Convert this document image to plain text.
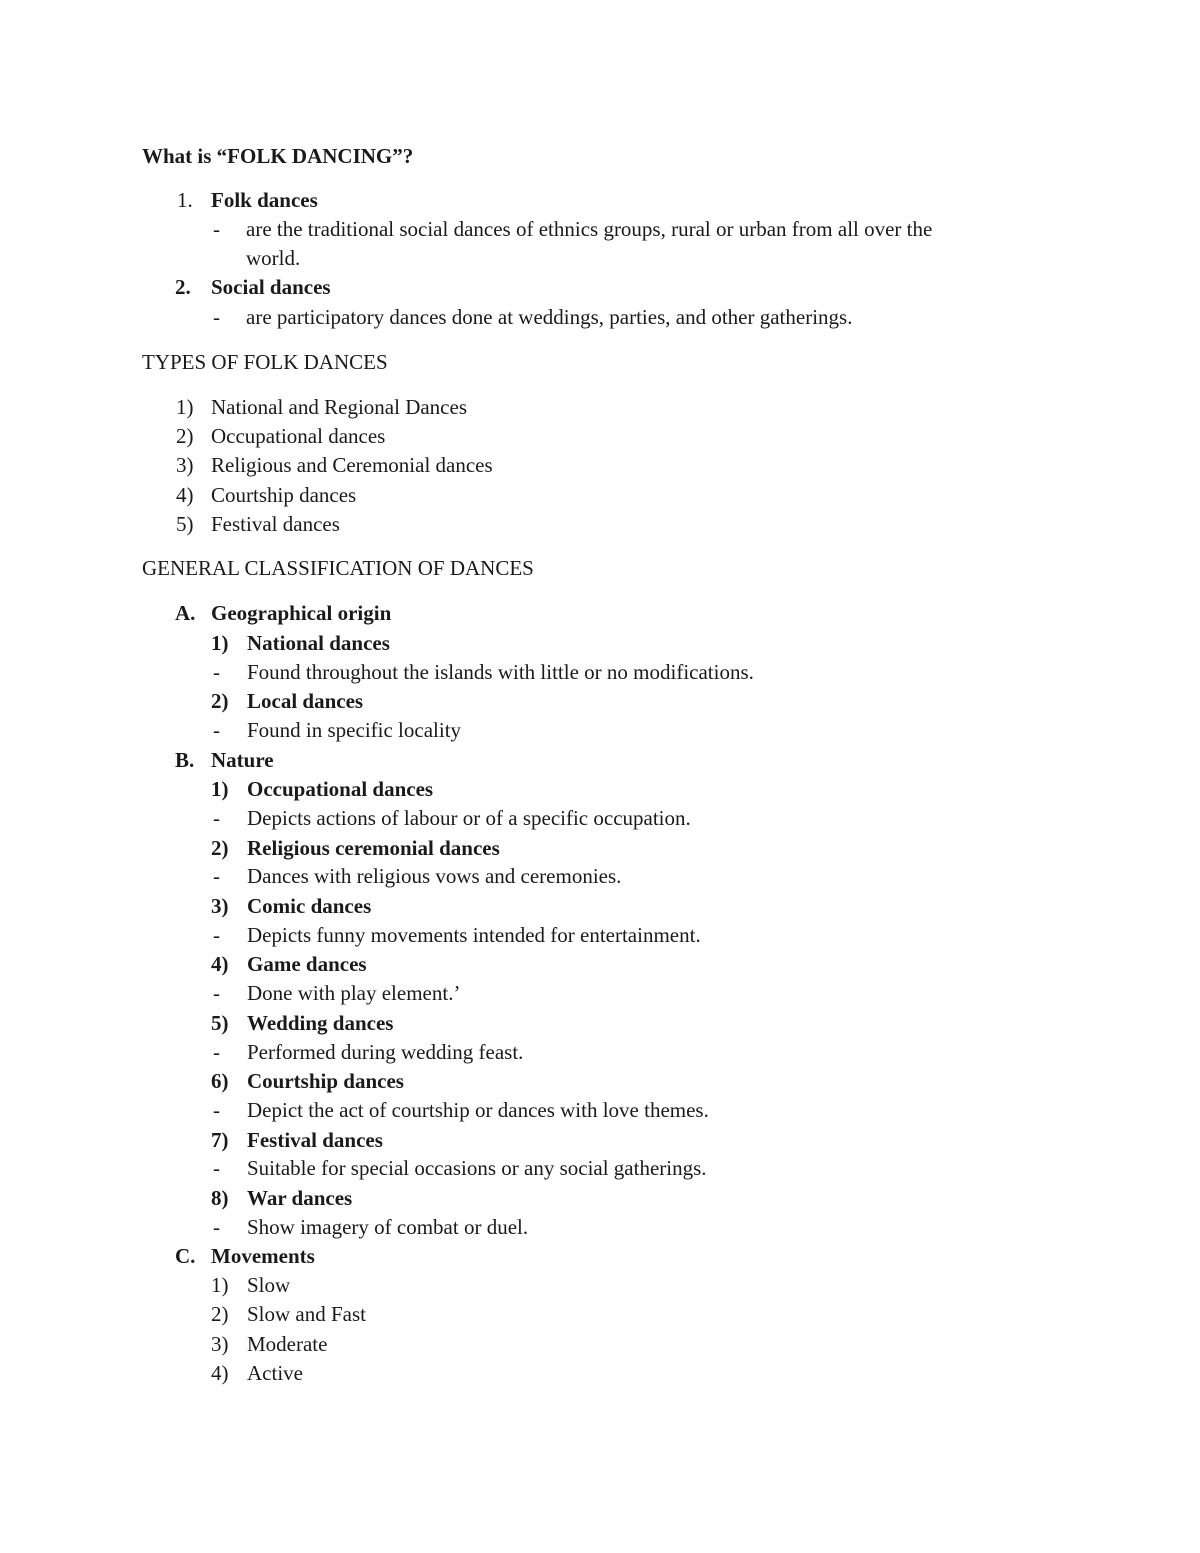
What is “FOLK DANCING”?
1. Folk dances
- are the traditional social dances of ethnics groups, rural or urban from all over the
world.
2. Social dances
- are participatory dances done at weddings, parties, and other gatherings.
TYPES OF FOLK DANCES
1) National and Regional Dances
2) Occupational dances
3) Religious and Ceremonial dances
4) Courtship dances
5) Festival dances
GENERAL CLASSIFICATION OF DANCES
A. Geographical origin
1) National dances
- Found throughout the islands with little or no modifications.
2) Local dances
- Found in specific locality
B. Nature
1) Occupational dances
- Depicts actions of labour or of a specific occupation.
2) Religious ceremonial dances
- Dances with religious vows and ceremonies.
3) Comic dances
- Depicts funny movements intended for entertainment.
4) Game dances
- Done with play element.’
5) Wedding dances
- Performed during wedding feast.
6) Courtship dances
- Depict the act of courtship or dances with love themes.
7) Festival dances
- Suitable for special occasions or any social gatherings.
8) War dances
- Show imagery of combat or duel.
C. Movements
1) Slow
2) Slow and Fast
3) Moderate
4) Active
